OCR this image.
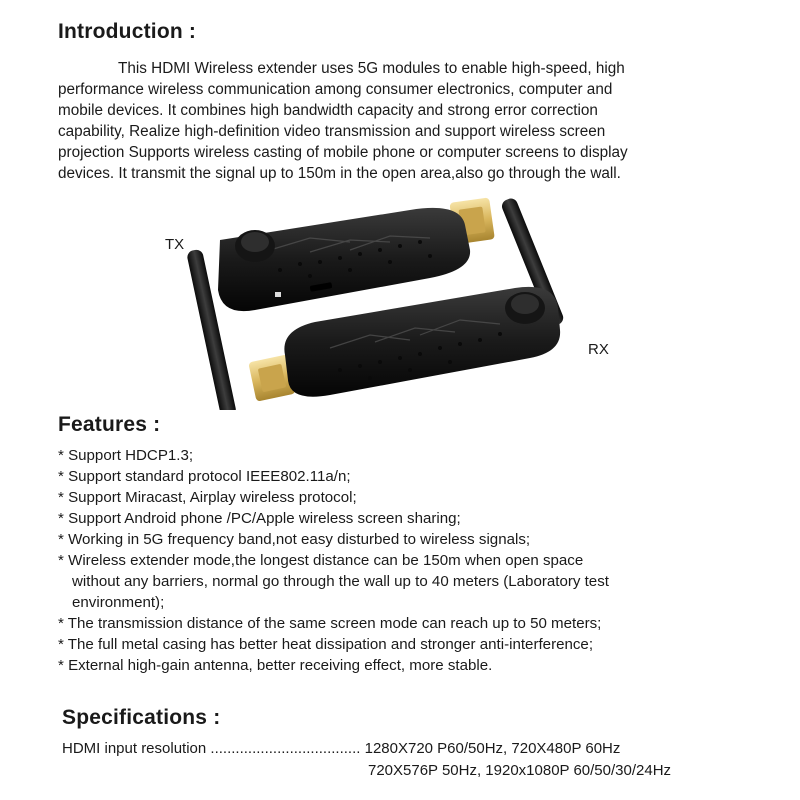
Introduction :
This HDMI Wireless extender uses 5G modules to enable high-speed, high
performance wireless communication among consumer electronics, computer and
mobile devices. It combines high bandwidth capacity and strong error correction
capability, Realize high-definition video transmission and support wireless screen
projection Supports wireless casting of mobile phone or computer screens to display
devices. It transmit the signal up to 150m in the open area,also go through the wall.
TX
RX
Features :
* Support HDCP1.3;
* Support standard protocol IEEE802.11a/n;
* Support Miracast, Airplay wireless protocol;
* Support Android phone /PC/Apple wireless screen sharing;
* Working in 5G frequency band,not easy disturbed to wireless signals;
* Wireless extender mode,the longest distance can be 150m when open space
without any barriers, normal go through the wall up to 40 meters (Laboratory test
environment);
* The transmission distance of the same screen mode can reach up to 50 meters;
* The full metal casing has better heat dissipation and stronger anti-interference;
* External high-gain antenna, better receiving effect, more stable.
Specifications :
HDMI input resolution .................................... 1280X720 P60/50Hz, 720X480P 60Hz
720X576P 50Hz, 1920x1080P 60/50/30/24Hz
